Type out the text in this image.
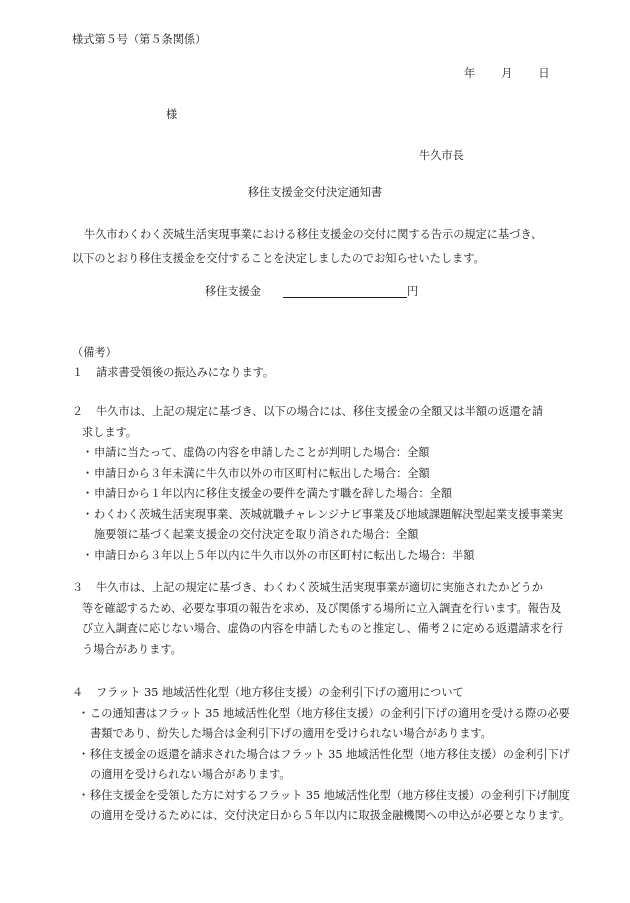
様式第５号（第５条関係）
年 月 日
様
牛久市長
移住支援金交付決定通知書

牛久市わくわく茨城生活実現事業における移住支援金の交付に関する告示の規定に基づき、

以下のとおり移住支援金を交付することを決定しましたのでお知らせいたします。

移住支援金	円
（備考）
１ 請求書受領後の振込みになります。

２ 牛久市は、上記の規定に基づき、以下の場合には、移住支援金の全額又は半額の返還を請

求します。

・ 申請に当たって、虚偽の内容を申請したことが判明した場合：全額
・ 申請日から３年未満に牛久市以外の市区町村に転出した場合：全額
・ 申請日から１年以内に移住支援金の要件を満たす職を辞した場合：全額
・ わくわく茨城生活実現事業、茨城就職チャレンジナビ事業及び地域課題解決型起業支援事業実施要領に基づく起業支援金の交付決定を取り消された場合：全額
・ 申請日から３年以上５年以内に牛久市以外の市区町村に転出した場合：半額

３ 牛久市は、上記の規定に基づき、わくわく茨城生活実現事業が適切に実施されたかどうか

等を確認するため、必要な事項の報告を求め、及び関係する場所に立入調査を行います。報告及び立入調査に応じない場合、虚偽の内容を申請したものと推定し、備考２に定める返還請求を行う場合があります。

４ フラット 35 地域活性化型（地方移住支援）の金利引下げの適用について

・ この通知書はフラット 35 地域活性化型（地方移住支援）の金利引下げの適用を受ける際の必要書類であり、紛失した場合は金利引下げの適用を受けられない場合があります。
・ 移住支援金の返還を請求された場合はフラット 35 地域活性化型（地方移住支援）の金利引下げの適用を受けられない場合があります。
・ 移住支援金を受領した方に対するフラット 35 地域活性化型（地方移住支援）の金利引下げ制度の適用を受けるためには、交付決定日から５年以内に取扱金融機関への申込が必要となります。
